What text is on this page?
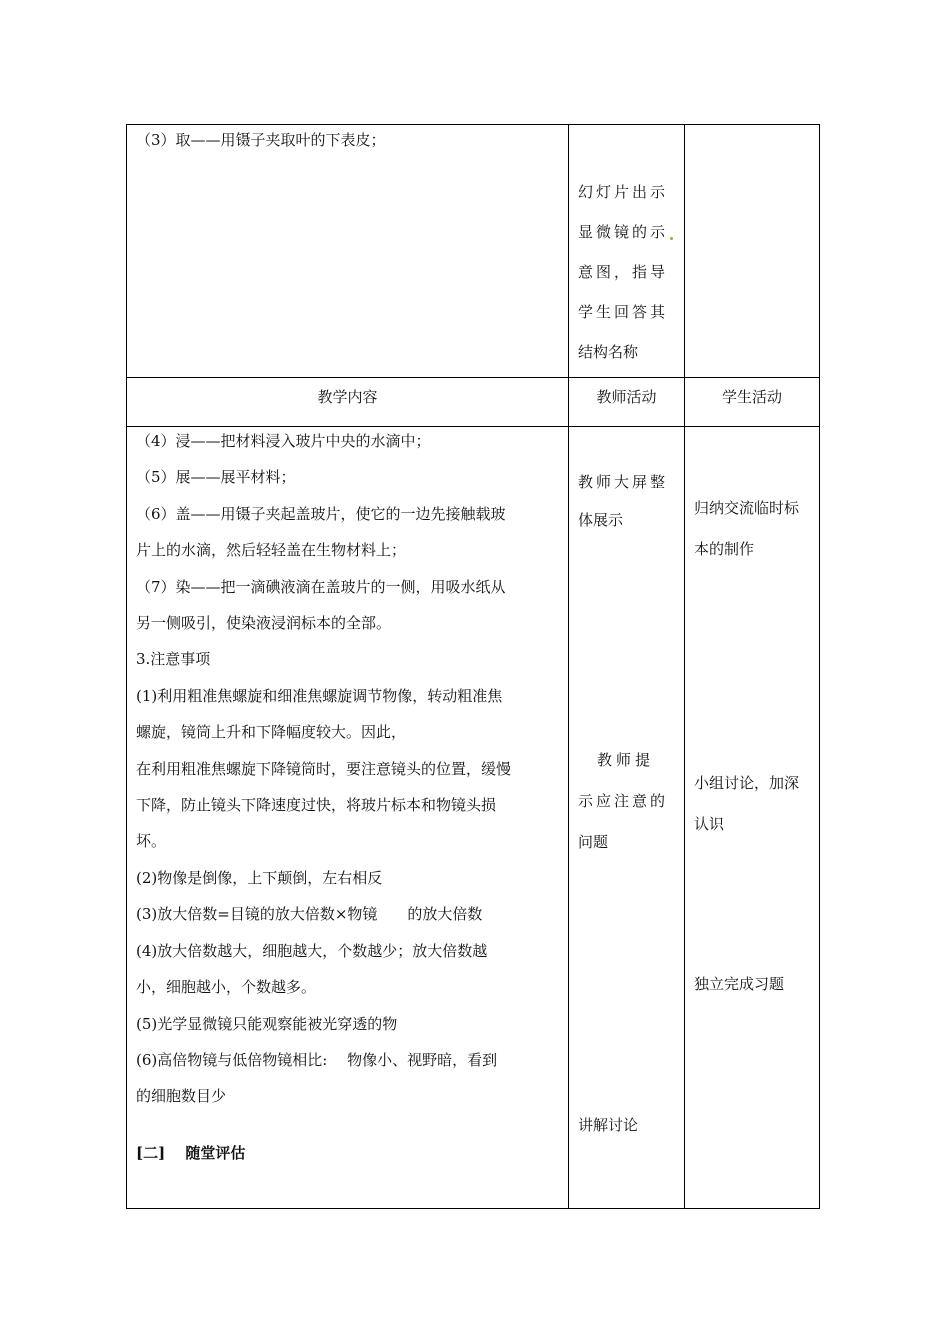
（3）取——用镊子夹取叶的下表皮；

幻灯片出示

显微镜的示

意图，指导

学生回答其

结构名称

教学内容	教师活动	学生活动

（4）浸——把材料浸入玻片中央的水滴中；

（5）展——展平材料；

（6）盖——用镊子夹起盖玻片，使它的一边先接触载玻

片上的水滴，然后轻轻盖在生物材料上；

（7）染——把一滴碘液滴在盖玻片的一侧，用吸水纸从

另一侧吸引，使染液浸润标本的全部。

3.注意事项

(1)利用粗准焦螺旋和细准焦螺旋调节物像，转动粗准焦

螺旋，镜筒上升和下降幅度较大。因此，

在利用粗准焦螺旋下降镜筒时，要注意镜头的位置，缓慢

下降，防止镜头下降速度过快，将玻片标本和物镜头损

坏。

(2)物像是倒像，上下颠倒，左右相反

(3)放大倍数=目镜的放大倍数×物镜　　的放大倍数

(4)放大倍数越大，细胞越大，个数越少；放大倍数越

小，细胞越小，个数越多。

(5)光学显微镜只能观察能被光穿透的物

(6)高倍物镜与低倍物镜相比:　 物像小、视野暗，看到

的细胞数目少

[二]　 随堂评估

教师大屏整

体展示

　教师提

示应注意的

问题

讲解讨论

归纳交流临时标

本的制作

小组讨论，加深

认识

独立完成习题
